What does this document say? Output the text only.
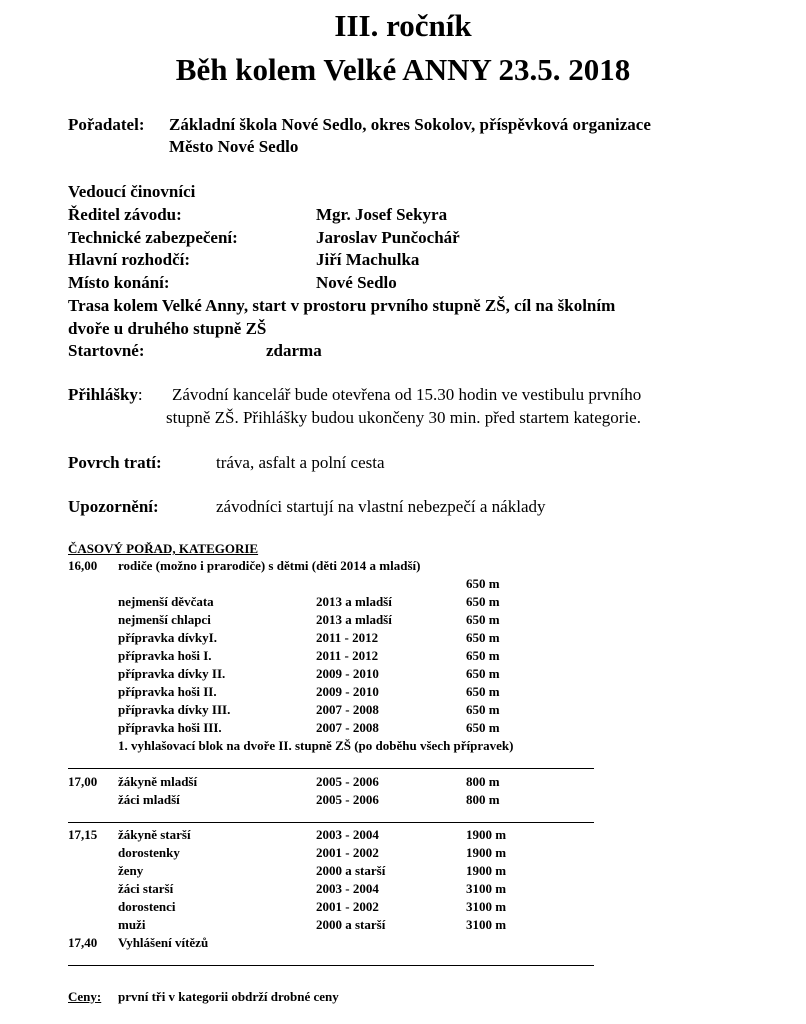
III. ročník
Běh kolem Velké ANNY 23.5. 2018
Pořadatel: Základní škola Nové Sedlo, okres Sokolov, příspěvková organizace
Město Nové Sedlo
Vedoucí činovníci
Ředitel závodu:	Mgr. Josef Sekyra
Technické zabezpečení:	Jaroslav Punčochář
Hlavní rozhodčí:	Jiří Machulka
Místo konání:	Nové Sedlo
Trasa kolem Velké Anny, start v prostoru prvního stupně ZŠ, cíl na školním
dvoře u druhého stupně ZŠ
Startovné:	zdarma
Přihlášky: Závodní kancelář bude otevřena od 15.30 hodin ve vestibulu prvního
stupně ZŠ. Přihlášky budou ukončeny 30 min. před startem kategorie.
Povrch tratí:	tráva, asfalt a polní cesta
Upozornění:	závodníci startují na vlastní nebezpečí a náklady
ČASOVÝ POŘAD, KATEGORIE
16,00 rodiče (možno i prarodiče) s dětmi (děti 2014 a mladší)
650 m
nejmenší děvčata	2013 a mladší	650 m
nejmenší chlapci	2013 a mladší	650 m
přípravka dívkyI.	2011 - 2012	650 m
přípravka hoši I.	2011 - 2012	650 m
přípravka dívky II.	2009 - 2010	650 m
přípravka hoši II.	2009 - 2010	650 m
přípravka dívky III.	2007 - 2008	650 m
přípravka hoši III.	2007 - 2008	650 m
1. vyhlašovací blok na dvoře II. stupně ZŠ (po doběhu všech přípravek)
17,00 žákyně mladší	2005 - 2006	800 m
žáci mladší	2005 - 2006	800 m
17,15 žákyně starší	2003 - 2004	1900 m
dorostenky	2001 - 2002	1900 m
ženy	2000 a starší	1900 m
žáci starší	2003 - 2004	3100 m
dorostenci	2001 - 2002	3100 m
muži	2000 a starší	3100 m
17,40 Vyhlášení vítězů
Ceny: první tři v kategorii obdrží drobné ceny
